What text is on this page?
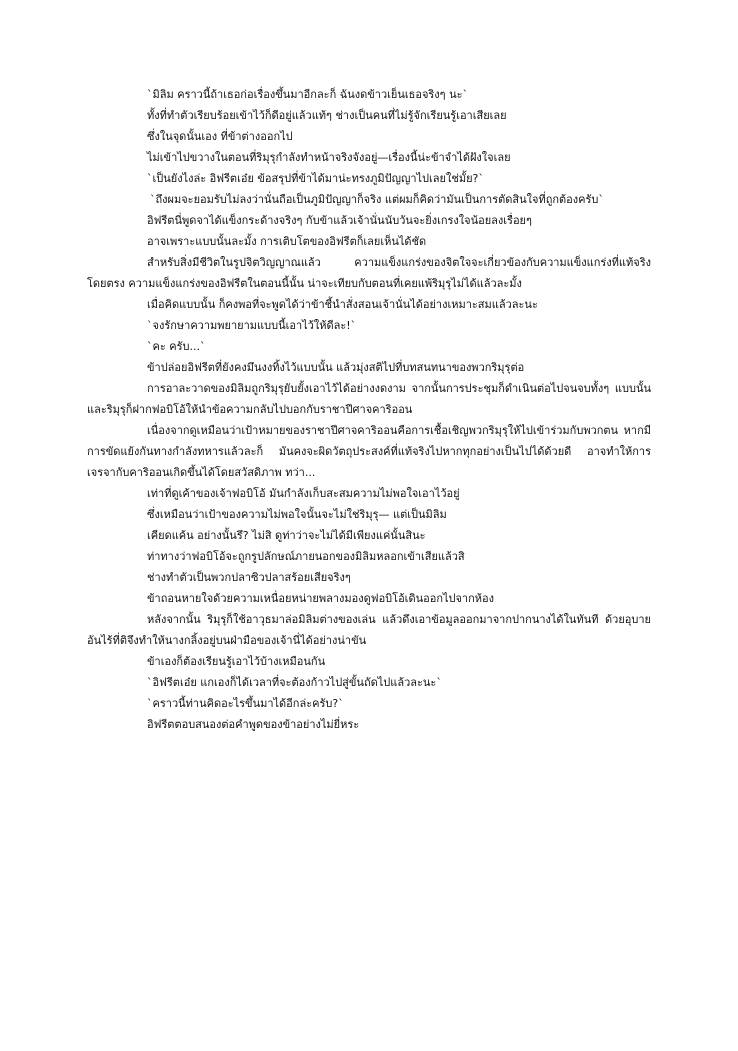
`มิลิม คราวนี้ถ้าเธอก่อเรื่องขึ้นมาอีกละก็ ฉันงดข้าวเย็นเธอจริงๆ นะ`

ทั้งที่ทำตัวเรียบร้อยเข้าไว้ก็ดีอยู่แล้วแท้ๆ ช่างเป็นคนที่ไม่รู้จักเรียนรู้เอาเสียเลย

ซึ่งในจุดนั้นเอง ที่ข้าต่างออกไป

ไม่เข้าไปขวางในตอนที่ริมุรุกำลังทำหน้าจริงจังอยู่—เรื่องนี้น่ะข้าจำได้ฝังใจเลย

`เป็นยังไงล่ะ อิฟรีตเอ๋ย ข้อสรุปที่ข้าได้มาน่ะทรงภูมิปัญญาไปเลยใช่มั้ย?`

`ถึงผมจะยอมรับไม่ลงว่านั่นถือเป็นภูมิปัญญาก็จริง แต่ผมก็คิดว่ามันเป็นการตัดสินใจที่ถูกต้องครับ`

อิฟรีตนี่พูดจาได้แข็งกระด้างจริงๆ กับข้าแล้วเจ้านั่นนับวันจะยิ่งเกรงใจน้อยลงเรื่อยๆ

อาจเพราะแบบนั้นละมั้ง การเติบโตของอิฟรีตก็เลยเห็นได้ชัด

สำหรับสิ่งมีชีวิตในรูปจิตวิญญาณแล้ว ความแข็งแกร่งของจิตใจจะเกี่ยวข้องกับความแข็งแกร่งที่แท้จริงโดยตรง ความแข็งแกร่งของอิฟรีตในตอนนี้นั้น น่าจะเทียบกับตอนที่เคยแพ้ริมุรุไม่ได้แล้วละมั้ง

เมื่อคิดแบบนั้น ก็คงพอที่จะพูดได้ว่าข้าชี้นำสั่งสอนเจ้านั่นได้อย่างเหมาะสมแล้วละนะ

`จงรักษาความพยายามแบบนี้เอาไว้ให้ดีละ!`

`คะ ครับ...`

ข้าปล่อยอิฟรีตที่ยังคงมึนงงทิ้งไว้แบบนั้น แล้วมุ่งสติไปที่บทสนทนาของพวกริมุรุต่อ

การอาละวาดของมิลิมถูกริมุรุยับยั้งเอาไว้ได้อย่างงดงาม จากนั้นการประชุมก็ดำเนินต่อไปจนจบทั้งๆ แบบนั้น และริมุรุก็ฝากฟอบิโอ้ให้นำข้อความกลับไปบอกกับราชาปีศาจคาริออน

เนื่องจากดูเหมือนว่าเป้าหมายของราชาปีศาจคาริออนคือการเชื้อเชิญพวกริมุรุให้ไปเข้าร่วมกับพวกตน หากมีการขัดแย้งกันทางกำลังทหารแล้วละก็ มันคงจะผิดวัตถุประสงค์ที่แท้จริงไปหากทุกอย่างเป็นไปได้ด้วยดี อาจทำให้การเจรจากับคาริออนเกิดขึ้นได้โดยสวัสดิภาพ ทว่า...

เท่าที่ดูเค้าของเจ้าฟอบิโอ้ มันกำลังเก็บสะสมความไม่พอใจเอาไว้อยู่

ซึ่งเหมือนว่าเป้าของความไม่พอใจนั้นจะไม่ใช่ริมุรุ— แต่เป็นมิลิม

เคียดแค้น อย่างนั้นรึ? ไม่สิ ดูท่าว่าจะไม่ได้มีเพียงแค่นั้นสินะ

ท่าทางว่าฟอบิโอ้จะถูกรูปลักษณ์ภายนอกของมิลิมหลอกเข้าเสียแล้วสิ

ช่างทำตัวเป็นพวกปลาซิวปลาสร้อยเสียจริงๆ

ข้าถอนหายใจด้วยความเหนื่อยหน่ายพลางมองดูฟอบิโอ้เดินออกไปจากห้อง

หลังจากนั้น ริมุรุก็ใช้อาวุธมาล่อมิลิมต่างของเล่น แล้วดึงเอาข้อมูลออกมาจากปากนางได้ในทันที ด้วยอุบายอันไร้ที่ติจึงทำให้นางกลิ้งอยู่บนฝ่ามือของเจ้านี่ได้อย่างน่าขัน

ข้าเองก็ต้องเรียนรู้เอาไว้บ้างเหมือนกัน

`อิฟรีตเอ๋ย แกเองก็ได้เวลาที่จะต้องก้าวไปสู่ขั้นถัดไปแล้วละนะ`

`คราวนี้ท่านคิดอะไรขึ้นมาได้อีกล่ะครับ?`

อิฟรีตตอบสนองต่อคำพูดของข้าอย่างไม่ยี่หระ
